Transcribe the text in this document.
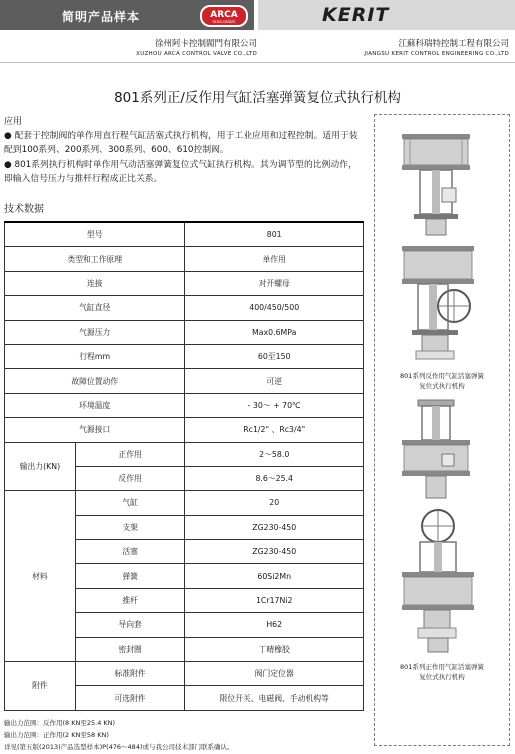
简明产品样本	ARCA
REGELGERÄTE	KERIT
徐州阿卡控制閥門有限公司
XUZHOU ARCA CONTROL VALVE CO.,LTD
江蘇科瑞特控制工程有限公司
JIANGSU KERIT CONTROL ENGINEERING CO.,LTD
801系列正/反作用气缸活塞弹簧复位式执行机构
应用
● 配套于控制阀的单作用直行程气缸活塞式执行机构，用于工业应用和过程控制。适用于装配到100系列、200系列、300系列、600、610控制阀。
● 801系列执行机构时单作用气动活塞弹簧复位式气缸执行机构。其为调节型的比例动作，即输入信号压力与推杆行程成正比关系。
技术数据
型号		801
类型和工作原理		单作用
连接		对开螺母
气缸直径		400/450/500
气源压力		Max0.6MPa
行程mm		60至150
故障位置动作		可逆
环境温度		- 30～ + 70℃
气源接口		Rc1/2" 、Rc3/4"
输出力(KN)	正作用	2～58.0
	反作用	8.6～25.4
材料	气缸	20
	支架	ZG230-450
	活塞	ZG230-450
	弹簧	60Si2Mn
	推杆	1Cr17Ni2
	导向套	H62
	密封圈	丁晴橡胶
附件	标准附件	阀门定位器
	可选附件	限位开关、电磁阀、手动机构等
输出力范围：反作用(8 KN至25.4 KN)
输出力范围：正作用(2 KN至58 KN)
详见(第五版(2013)产品选型样本)P(476～484)或与我公司技术部门联系确认。
801系列反作用气缸活塞弹簧
复位式执行机构
801系列正作用气缸活塞弹簧
复位式执行机构
